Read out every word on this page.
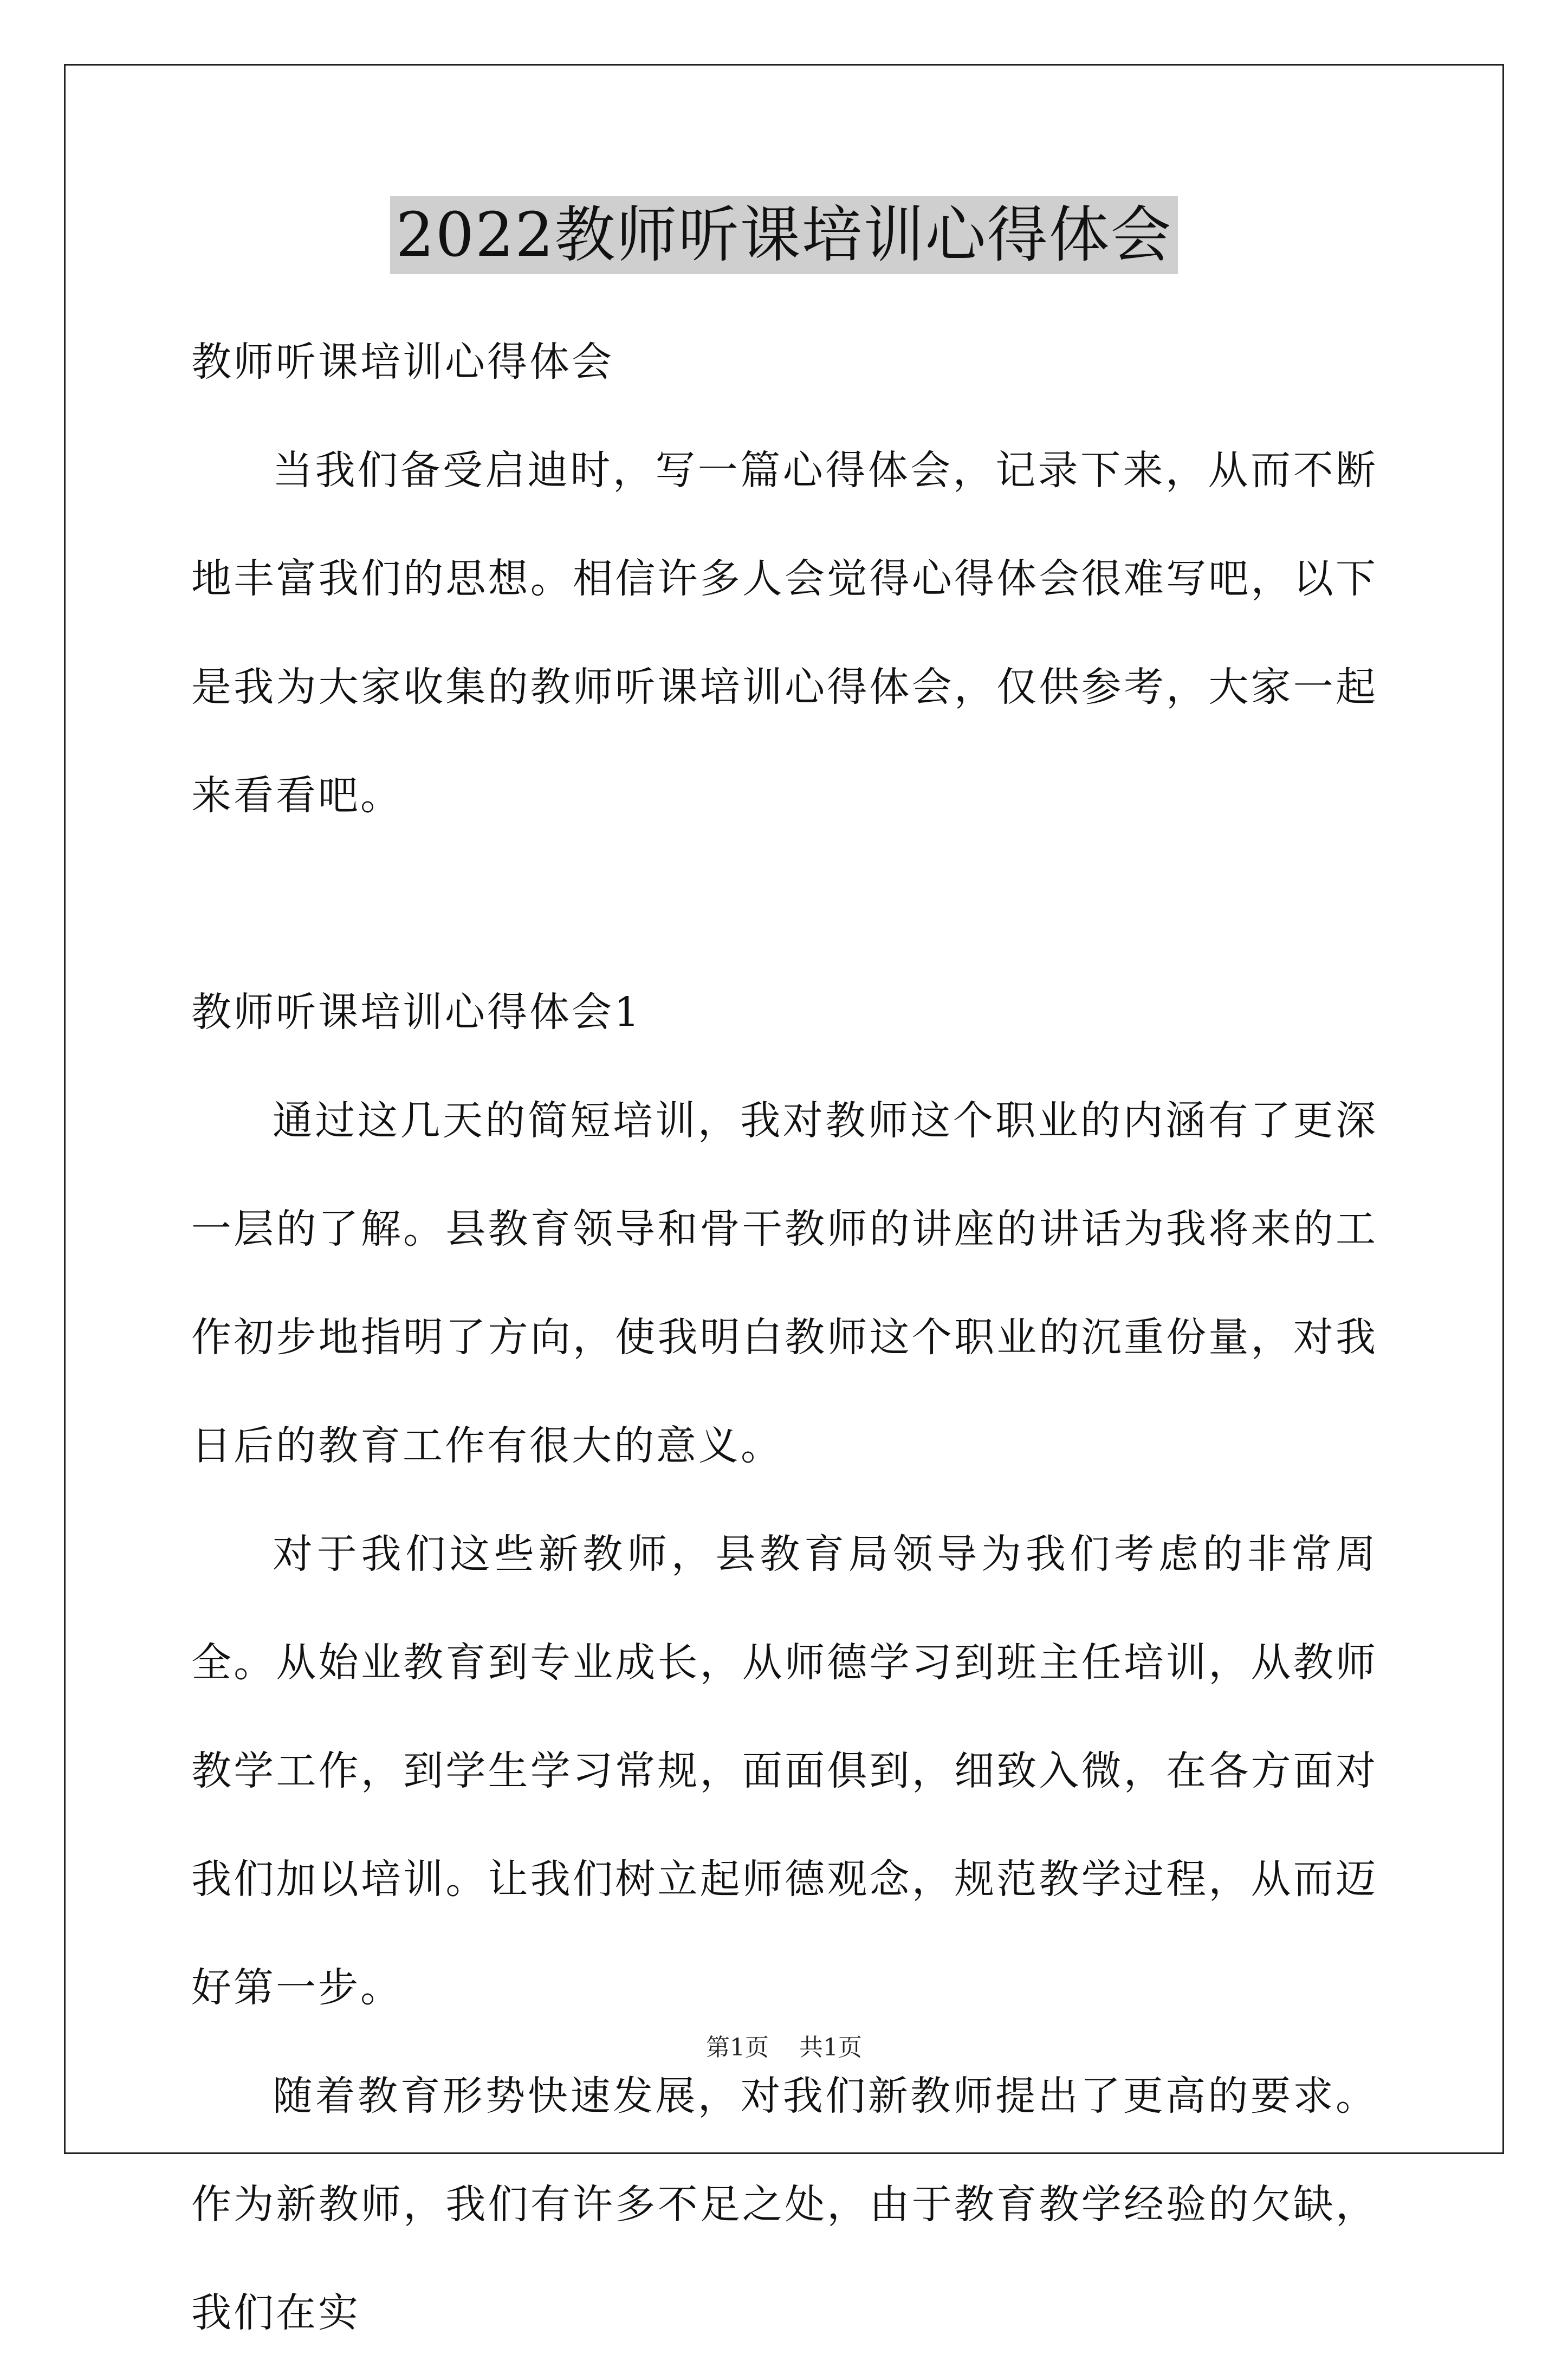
2022教师听课培训心得体会

教师听课培训心得体会

当我们备受启迪时，写一篇心得体会，记录下来，从而不断地丰富我们的思想。相信许多人会觉得心得体会很难写吧，以下是我为大家收集的教师听课培训心得体会，仅供参考，大家一起来看看吧。

教师听课培训心得体会1

通过这几天的简短培训，我对教师这个职业的内涵有了更深一层的了解。县教育领导和骨干教师的讲座的讲话为我将来的工作初步地指明了方向，使我明白教师这个职业的沉重份量，对我日后的教育工作有很大的意义。

对于我们这些新教师，县教育局领导为我们考虑的非常周全。从始业教育到专业成长，从师德学习到班主任培训，从教师教学工作，到学生学习常规，面面俱到，细致入微，在各方面对我们加以培训。让我们树立起师德观念，规范教学过程，从而迈好第一步。

随着教育形势快速发展，对我们新教师提出了更高的要求。作为新教师，我们有许多不足之处，由于教育教学经验的欠缺，我们在实

第1页 共1页
